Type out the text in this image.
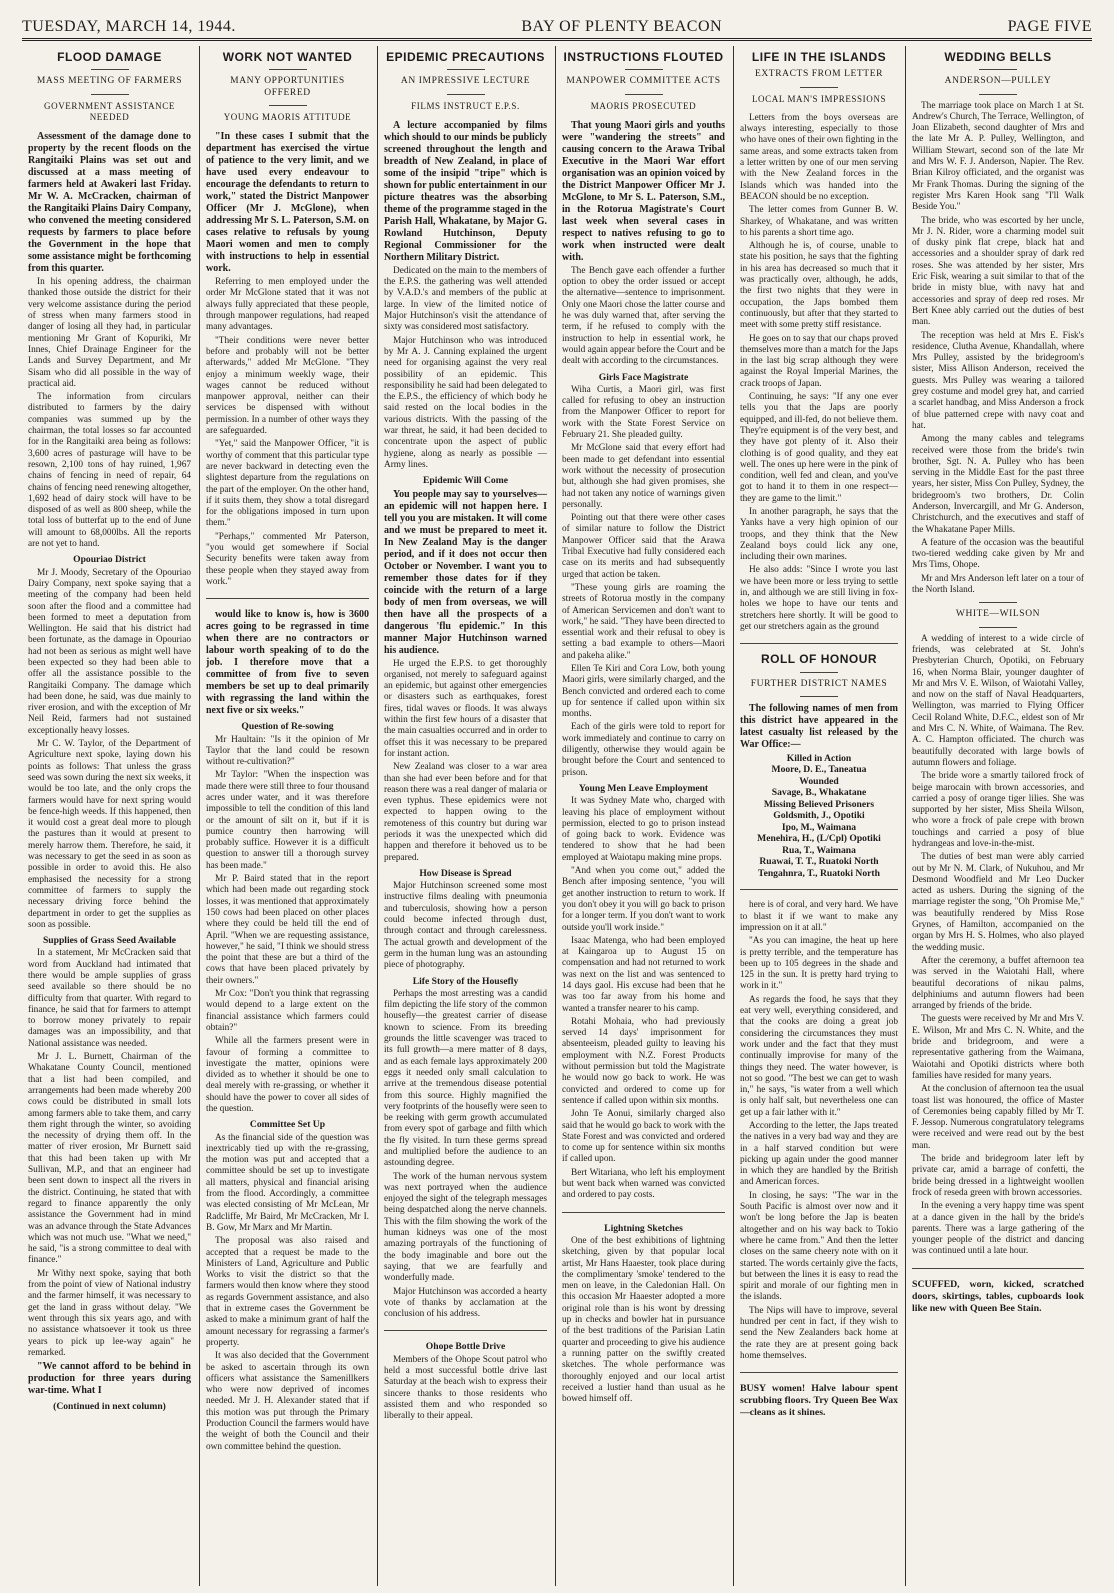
TUESDAY, MARCH 14, 1944.	BAY OF PLENTY BEACON	PAGE FIVE
FLOOD DAMAGE
MASS MEETING OF FARMERS
GOVERNMENT ASSISTANCE NEEDED

Assessment of the damage done to property by the recent floods on the Rangitaiki Plains was set out and discussed at a mass meeting of farmers held at Awakeri last Friday. Mr W. A. McCracken, chairman of the Rangitaiki Plains Dairy Company, who convened the meeting considered requests by farmers to place before the Government in the hope that some assistance might be forthcoming from this quarter.

In his opening address, the chairman thanked those outside the district for their very welcome assistance during the period of stress when many farmers stood in danger of losing all they had, in particular mentioning Mr Grant of Kopuriki, Mr Innes, Chief Drainage Engineer for the Lands and Survey Department, and Mr Sisam who did all possible in the way of practical aid.

The information from circulars distributed to farmers by the dairy companies was summed up by the chairman, the total losses so far accounted for in the Rangitaiki area being as follows: 3,600 acres of pasturage will have to be resown, 2,100 tons of hay ruined, 1,967 chains of fencing in need of repair, 64 chains of fencing need renewing altogether, 1,692 head of dairy stock will have to be disposed of as well as 800 sheep, while the total loss of butterfat up to the end of June will amount to 68,000lbs. All the reports are not yet to hand.

Opouriao District

Mr J. Moody, Secretary of the Opouriao Dairy Company, next spoke saying that a meeting of the company had been held soon after the flood and a committee had been formed to meet a deputation from Wellington. He said that his district had been fortunate, as the damage in Opouriao had not been as serious as might well have been expected so they had been able to offer all the assistance possible to the Rangitaiki Company. The damage which had been done, he said, was due mainly to river erosion, and with the exception of Mr Neil Reid, farmers had not sustained exceptionally heavy losses.

Mr C. W. Taylor, of the Department of Agriculture next spoke, laying down his points as follows: That unless the grass seed was sown during the next six weeks, it would be too late, and the only crops the farmers would have for next spring would be fence-high weeds. If this happened, then it would cost a great deal more to plough the pastures than it would at present to merely harrow them. Therefore, he said, it was necessary to get the seed in as soon as possible in order to avoid this. He also emphasised the necessity for a strong committee of farmers to supply the necessary driving force behind the department in order to get the supplies as soon as possible.

Supplies of Grass Seed Available

In a statement, Mr McCracken said that word from Auckland had intimated that there would be ample supplies of grass seed available so there should be no difficulty from that quarter. With regard to finance, he said that for farmers to attempt to borrow money privately to repair damages was an impossibility, and that National assistance was needed.

Mr J. L. Burnett, Chairman of the Whakatane County Council, mentioned that a list had been compiled, and arrangements had been made whereby 200 cows could be distributed in small lots among farmers able to take them, and carry them right through the winter, so avoiding the necessity of drying them off. In the matter of river erosion, Mr Burnett said that this had been taken up with Mr Sullivan, M.P., and that an engineer had been sent down to inspect all the rivers in the district. Continuing, he stated that with regard to finance apparently the only assistance the Government had in mind was an advance through the State Advances which was not much use. "What we need," he said, "is a strong committee to deal with finance."

Mr Withy next spoke, saying that both from the point of view of National industry and the farmer himself, it was necessary to get the land in grass without delay. "We went through this six years ago, and with no assistance whatsoever it took us three years to pick up lee-way again" he remarked.

"We cannot afford to be behind in production for three years during war-time. What I

(Continued in next column)
WORK NOT WANTED
MANY OPPORTUNITIES OFFERED
YOUNG MAORIS ATTITUDE

"In these cases I submit that the department has exercised the virtue of patience to the very limit, and we have used every endeavour to encourage the defendants to return to work," stated the District Manpower Officer (Mr J. McGlone), when addressing Mr S. L. Paterson, S.M. on cases relative to refusals by young Maori women and men to comply with instructions to help in essential work.

Referring to men employed under the order Mr McGlone stated that it was not always fully appreciated that these people, through manpower regulations, had reaped many advantages.

"Their conditions were never better before and probably will not be better afterwards," added Mr McGlone. "They enjoy a minimum weekly wage, their wages cannot be reduced without manpower approval, neither can their services be dispensed with without permission. In a number of other ways they are safeguarded.

"Yet," said the Manpower Officer, "it is worthy of comment that this particular type are never backward in detecting even the slightest departure from the regulations on the part of the employer. On the other hand, if it suits them, they show a total disregard for the obligations imposed in turn upon them."

"Perhaps," commented Mr Paterson, "you would get somewhere if Social Security benefits were taken away from these people when they stayed away from work."

would like to know is, how is 3600 acres going to be regrassed in time when there are no contractors or labour worth speaking of to do the job. I therefore move that a committee of from five to seven members be set up to deal primarily with regrassing the land within the next five or six weeks."

Question of Re-sowing

Mr Haultain: "Is it the opinion of Mr Taylor that the land could be resown without re-cultivation?"

Mr Taylor: "When the inspection was made there were still three to four thousand acres under water, and it was therefore impossible to tell the condition of this land or the amount of silt on it, but if it is pumice country then harrowing will probably suffice. However it is a difficult question to answer till a thorough survey has been made."

Mr P. Baird stated that in the report which had been made out regarding stock losses, it was mentioned that approximately 150 cows had been placed on other places where they could be held till the end of April. "When we are requesting assistance, however," he said, "I think we should stress the point that these are but a third of the cows that have been placed privately by their owners."

Mr Cox: "Don't you think that regrassing would depend to a large extent on the financial assistance which farmers could obtain?"

While all the farmers present were in favour of forming a committee to investigate the matter, opinions were divided as to whether it should be one to deal merely with re-grassing, or whether it should have the power to cover all sides of the question.

Committee Set Up

As the financial side of the question was inextricably tied up with the re-grassing, the motion was put and accepted that a committee should be set up to investigate all matters, physical and financial arising from the flood. Accordingly, a committee was elected consisting of Mr McLean, Mr Radcliffe, Mr Baird, Mr McCracken, Mr I. B. Gow, Mr Marx and Mr Martin.

The proposal was also raised and accepted that a request be made to the Ministers of Land, Agriculture and Public Works to visit the district so that the farmers would then know where they stood as regards Government assistance, and also that in extreme cases the Government be asked to make a minimum grant of half the amount necessary for regrassing a farmer's property.

It was also decided that the Government be asked to ascertain through its own officers what assistance the Samenillkers who were now deprived of incomes needed. Mr J. H. Alexander stated that if this motion was put through the Primary Production Council the farmers would have the weight of both the Council and their own committee behind the question.

EPIDEMIC PRECAUTIONS
AN IMPRESSIVE LECTURE
FILMS INSTRUCT E.P.S.

A lecture accompanied by films which should to our minds be publicly screened throughout the length and breadth of New Zealand, in place of some of the insipid "tripe" which is shown for public entertainment in our picture theatres was the absorbing theme of the programme staged in the Parish Hall, Whakatane, by Major G. Rowland Hutchinson, Deputy Regional Commissioner for the Northern Military District.

Dedicated on the main to the members of the E.P.S. the gathering was well attended by V.A.D.'s and members of the public at large. In view of the limited notice of Major Hutchinson's visit the attendance of sixty was considered most satisfactory.

Major Hutchinson who was introduced by Mr A. J. Canning explained the urgent need for organising against the very real possibility of an epidemic. This responsibility he said had been delegated to the E.P.S., the efficiency of which body he said rested on the local bodies in the various districts. With the passing of the war threat, he said, it had been decided to concentrate upon the aspect of public hygiene, along as nearly as possible —Army lines.

Epidemic Will Come

You people may say to yourselves—an epidemic will not happen here. I tell you you are mistaken. It will come and we must be prepared to meet it. In New Zealand May is the danger period, and if it does not occur then October or November. I want you to remember those dates for if they coincide with the return of a large body of men from overseas, we will then have all the prospects of a dangerous 'flu epidemic." In this manner Major Hutchinson warned his audience.

He urged the E.P.S. to get thoroughly organised, not merely to safeguard against an epidemic, but against other emergencies or disasters such as earthquakes, forest fires, tidal waves or floods. It was always within the first few hours of a disaster that the main casualties occurred and in order to offset this it was necessary to be prepared for instant action.

New Zealand was closer to a war area than she had ever been before and for that reason there was a real danger of malaria or even typhus. These epidemics were not expected to happen owing to the remoteness of this country but during war periods it was the unexpected which did happen and therefore it behoved us to be prepared.

How Disease is Spread

Major Hutchinson screened some most instructive films dealing with pneumonia and tuberculosis, showing how a person could become infected through dust, through contact and through carelessness. The actual growth and development of the germ in the human lung was an astounding piece of photography.

Life Story of the Housefly

Perhaps the most arresting was a candid film depicting the life story of the common housefly—the greatest carrier of disease known to science. From its breeding grounds the little scavenger was traced to its full growth—a mere matter of 8 days, and as each female lays approximately 200 eggs it needed only small calculation to arrive at the tremendous disease potential from this source. Highly magnified the very footprints of the housefly were seen to be reeking with germ growth accumulated from every spot of garbage and filth which the fly visited. In turn these germs spread and multiplied before the audience to an astounding degree.

The work of the human nervous system was next portrayed when the audience enjoyed the sight of the telegraph messages being despatched along the nerve channels. This with the film showing the work of the human kidneys was one of the most amazing portrayals of the functioning of the body imaginable and bore out the saying, that we are fearfully and wonderfully made.

Major Hutchinson was accorded a hearty vote of thanks by acclamation at the conclusion of his address.

Ohope Bottle Drive

Members of the Ohope Scout patrol who held a most successful bottle drive last Saturday at the beach wish to express their sincere thanks to those residents who assisted them and who responded so liberally to their appeal.

INSTRUCTIONS FLOUTED
MANPOWER COMMITTEE ACTS
MAORIS PROSECUTED

That young Maori girls and youths were "wandering the streets" and causing concern to the Arawa Tribal Executive in the Maori War effort organisation was an opinion voiced by the District Manpower Officer Mr J. McGlone, to Mr S. L. Paterson, S.M., in the Rotorua Magistrate's Court last week when several cases in respect to natives refusing to go to work when instructed were dealt with.

The Bench gave each offender a further option to obey the order issued or accept the alternative—sentence to imprisonment. Only one Maori chose the latter course and he was duly warned that, after serving the term, if he refused to comply with the instruction to help in essential work, he would again appear before the Court and be dealt with according to the circumstances.

Girls Face Magistrate

Wiha Curtis, a Maori girl, was first called for refusing to obey an instruction from the Manpower Officer to report for work with the State Forest Service on February 21. She pleaded guilty.

Mr McGlone said that every effort had been made to get defendant into essential work without the necessity of prosecution but, although she had given promises, she had not taken any notice of warnings given personally.

Pointing out that there were other cases of similar nature to follow the District Manpower Officer said that the Arawa Tribal Executive had fully considered each case on its merits and had subsequently urged that action be taken.

"These young girls are roaming the streets of Rotorua mostly in the company of American Servicemen and don't want to work," he said. "They have been directed to essential work and their refusal to obey is setting a bad example to others—Maori and pakeha alike."

Ellen Te Kiri and Cora Low, both young Maori girls, were similarly charged, and the Bench convicted and ordered each to come up for sentence if called upon within six months.

Each of the girls were told to report for work immediately and continue to carry on diligently, otherwise they would again be brought before the Court and sentenced to prison.

Young Men Leave Employment

It was Sydney Mate who, charged with leaving his place of employment without permission, elected to go to prison instead of going back to work. Evidence was tendered to show that he had been employed at Waiotapu making mine props.

"And when you come out," added the Bench after imposing sentence, "you will get another instruction to return to work. If you don't obey it you will go back to prison for a longer term. If you don't want to work outside you'll work inside."

Isaac Matenga, who had been employed at Kaingaroa up to August 15 on compensation and had not returned to work was next on the list and was sentenced to 14 days gaol. His excuse had been that he was too far away from his home and wanted a transfer nearer to his camp.

Rotahi Mohaia, who had previously served 14 days' imprisonment for absenteeism, pleaded guilty to leaving his employment with N.Z. Forest Products without permission but told the Magistrate he would now go back to work. He was convicted and ordered to come up for sentence if called upon within six months.

John Te Aonui, similarly charged also said that he would go back to work with the State Forest and was convicted and ordered to come up for sentence within six months if called upon.

Bert Witariana, who left his employment but went back when warned was convicted and ordered to pay costs.

Lightning Sketches

One of the best exhibitions of lightning sketching, given by that popular local artist, Mr Hans Haaester, took place during the complimentary 'smoke' tendered to the men on leave, in the Caledonian Hall. On this occasion Mr Haaester adopted a more original role than is his wont by dressing up in checks and bowler hat in pursuance of the best traditions of the Parisian Latin quarter and proceeding to give his audience a running patter on the swiftly created sketches. The whole performance was thoroughly enjoyed and our local artist received a lustier hand than usual as he bowed himself off.

LIFE IN THE ISLANDS
EXTRACTS FROM LETTER
LOCAL MAN'S IMPRESSIONS

Letters from the boys overseas are always interesting, especially to those who have ones of their own fighting in the same areas, and some extracts taken from a letter written by one of our men serving with the New Zealand forces in the Islands which was handed into the BEACON should be no exception.

The letter comes from Gunner B. W. Sharkey, of Whakatane, and was written to his parents a short time ago.

Although he is, of course, unable to state his position, he says that the fighting in his area has decreased so much that it was practically over, although, he adds, the first two nights that they were in occupation, the Japs bombed them continuously, but after that they started to meet with some pretty stiff resistance.

He goes on to say that our chaps proved themselves more than a match for the Japs in the last big scrap although they were against the Royal Imperial Marines, the crack troops of Japan.

Continuing, he says: "If any one ever tells you that the Japs are poorly equipped, and ill-fed, do not believe them. They're equipment is of the very best, and they have got plenty of it. Also their clothing is of good quality, and they eat well. The ones up here were in the pink of condition, well fed and clean, and you've got to hand it to them in one respect—they are game to the limit."

In another paragraph, he says that the Yanks have a very high opinion of our troops, and they think that the New Zealand boys could lick any one, including their own marines.

He also adds: "Since I wrote you last we have been more or less trying to settle in, and although we are still living in fox-holes we hope to have our tents and stretchers here shortly. It will be good to get our stretchers again as the ground

ROLL OF HONOUR
FURTHER DISTRICT NAMES

The following names of men from this district have appeared in the latest casualty list released by the War Office:—

Killed in Action
Moore, D. E., Taneatua
Wounded
Savage, B., Whakatane
Missing Believed Prisoners
Goldsmith, J., Opotiki
Ipo, M., Waimana
Menehira, H., (L/Cpl) Opotiki
Rua, T., Waimana
Ruawai, T. T., Ruatoki North
Tengahnra, T., Ruatoki North

here is of coral, and very hard. We have to blast it if we want to make any impression on it at all."

"As you can imagine, the heat up here is pretty terrible, and the temperature has been up to 105 degrees in the shade and 125 in the sun. It is pretty hard trying to work in it."

As regards the food, he says that they eat very well, everything considered, and that the cooks are doing a great job considering the circumstances they must work under and the fact that they must continually improvise for many of the things they need. The water however, is not so good. "The best we can get to wash in," he says, "is water from a well which is only half salt, but nevertheless one can get up a fair lather with it."

According to the letter, the Japs treated the natives in a very bad way and they are in a half starved condition but were picking up again under the good manner in which they are handled by the British and American forces.

In closing, he says: "The war in the South Pacific is almost over now and it won't be long before the Jap is beaten altogether and on his way back to Tokio where he came from." And then the letter closes on the same cheery note with on it started. The words certainly give the facts, but between the lines it is easy to read the spirit and morale of our fighting men in the islands.

The Nips will have to improve, several hundred per cent in fact, if they wish to send the New Zealanders back home at the rate they are at present going back home themselves.

BUSY women! Halve labour spent scrubbing floors. Try Queen Bee Wax—cleans as it shines.

WEDDING BELLS
ANDERSON—PULLEY

The marriage took place on March 1 at St. Andrew's Church, The Terrace, Wellington, of Joan Elizabeth, second daughter of Mrs and the late Mr A. P. Pulley, Wellington, and William Stewart, second son of the late Mr and Mrs W. F. J. Anderson, Napier. The Rev. Brian Kilroy officiated, and the organist was Mr Frank Thomas. During the signing of the register Mrs Karen Hook sang "I'll Walk Beside You."

The bride, who was escorted by her uncle, Mr J. N. Rider, wore a charming model suit of dusky pink flat crepe, black hat and accessories and a shoulder spray of dark red roses. She was attended by her sister, Mrs Eric Fisk, wearing a suit similar to that of the bride in misty blue, with navy hat and accessories and spray of deep red roses. Mr Bert Knee ably carried out the duties of best man.

The reception was held at Mrs E. Fisk's residence, Clutha Avenue, Khandallah, where Mrs Pulley, assisted by the bridegroom's sister, Miss Allison Anderson, received the guests. Mrs Pulley was wearing a tailored grey costume and model grey hat, and carried a scarlet handbag, and Miss Anderson a frock of blue patterned crepe with navy coat and hat.

Among the many cables and telegrams received were those from the bride's twin brother, Sgt. N. A. Pulley who has been serving in the Middle East for the past three years, her sister, Miss Con Pulley, Sydney, the bridegroom's two brothers, Dr. Colin Anderson, Invercargill, and Mr G. Anderson, Christchurch, and the executives and staff of the Whakatane Paper Mills.

A feature of the occasion was the beautiful two-tiered wedding cake given by Mr and Mrs Tims, Ohope.

Mr and Mrs Anderson left later on a tour of the North Island.

WHITE—WILSON

A wedding of interest to a wide circle of friends, was celebrated at St. John's Presbyterian Church, Opotiki, on February 16, when Norma Blair, younger daughter of Mr and Mrs V. E. Wilson, of Waiotahi Valley, and now on the staff of Naval Headquarters, Wellington, was married to Flying Officer Cecil Roland White, D.F.C., eldest son of Mr and Mrs C. N. White, of Waimana. The Rev. A. C. Hampton officiated. The church was beautifully decorated with large bowls of autumn flowers and foliage.

The bride wore a smartly tailored frock of beige marocain with brown accessories, and carried a posy of orange tiger lilies. She was supported by her sister, Miss Sheila Wilson, who wore a frock of pale crepe with brown touchings and carried a posy of blue hydrangeas and love-in-the-mist.

The duties of best man were ably carried out by Mr N. M. Clark, of Nukuhou, and Mr Desmond Woodfield and Mr Leo Ducker acted as ushers. During the signing of the marriage register the song, "Oh Promise Me," was beautifully rendered by Miss Rose Grynes, of Hamilton, accompanied on the organ by Mrs H. S. Holmes, who also played the wedding music.

After the ceremony, a buffet afternoon tea was served in the Waiotahi Hall, where beautiful decorations of nikau palms, delphiniums and autumn flowers had been arranged by friends of the bride.

The guests were received by Mr and Mrs V. E. Wilson, Mr and Mrs C. N. White, and the bride and bridegroom, and were a representative gathering from the Waimana, Waiotahi and Opotiki districts where both families have resided for many years.

At the conclusion of afternoon tea the usual toast list was honoured, the office of Master of Ceremonies being capably filled by Mr T. F. Jessop. Numerous congratulatory telegrams were received and were read out by the best man.

The bride and bridegroom later left by private car, amid a barrage of confetti, the bride being dressed in a lightweight woollen frock of reseda green with brown accessories.

In the evening a very happy time was spent at a dance given in the hall by the bride's parents. There was a large gathering of the younger people of the district and dancing was continued until a late hour.

SCUFFED, worn, kicked, scratched doors, skirtings, tables, cupboards look like new with Queen Bee Stain.
